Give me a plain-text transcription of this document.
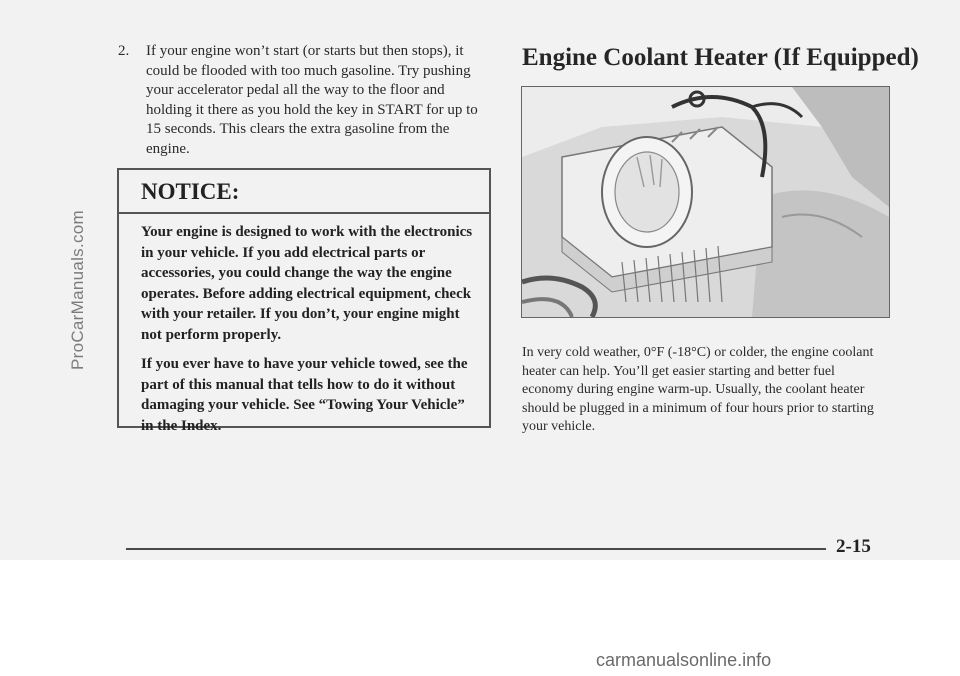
ProCarManuals.com
2.	If your engine won’t start (or starts but then stops), it could be flooded with too much gasoline. Try pushing your accelerator pedal all the way to the floor and holding it there as you hold the key in START for up to 15 seconds. This clears the extra gasoline from the engine.
NOTICE:

Your engine is designed to work with the electronics in your vehicle. If you add electrical parts or accessories, you could change the way the engine operates. Before adding electrical equipment, check with your retailer. If you don’t, your engine might not perform properly.

If you ever have to have your vehicle towed, see the part of this manual that tells how to do it without damaging your vehicle. See “Towing Your Vehicle” in the Index.

Engine Coolant Heater (If Equipped)
In very cold weather, 0°F (-18°C) or colder, the engine coolant heater can help. You’ll get easier starting and better fuel economy during engine warm-up. Usually, the coolant heater should be plugged in a minimum of four hours prior to starting your vehicle.
2-15
carmanualsonline.info
